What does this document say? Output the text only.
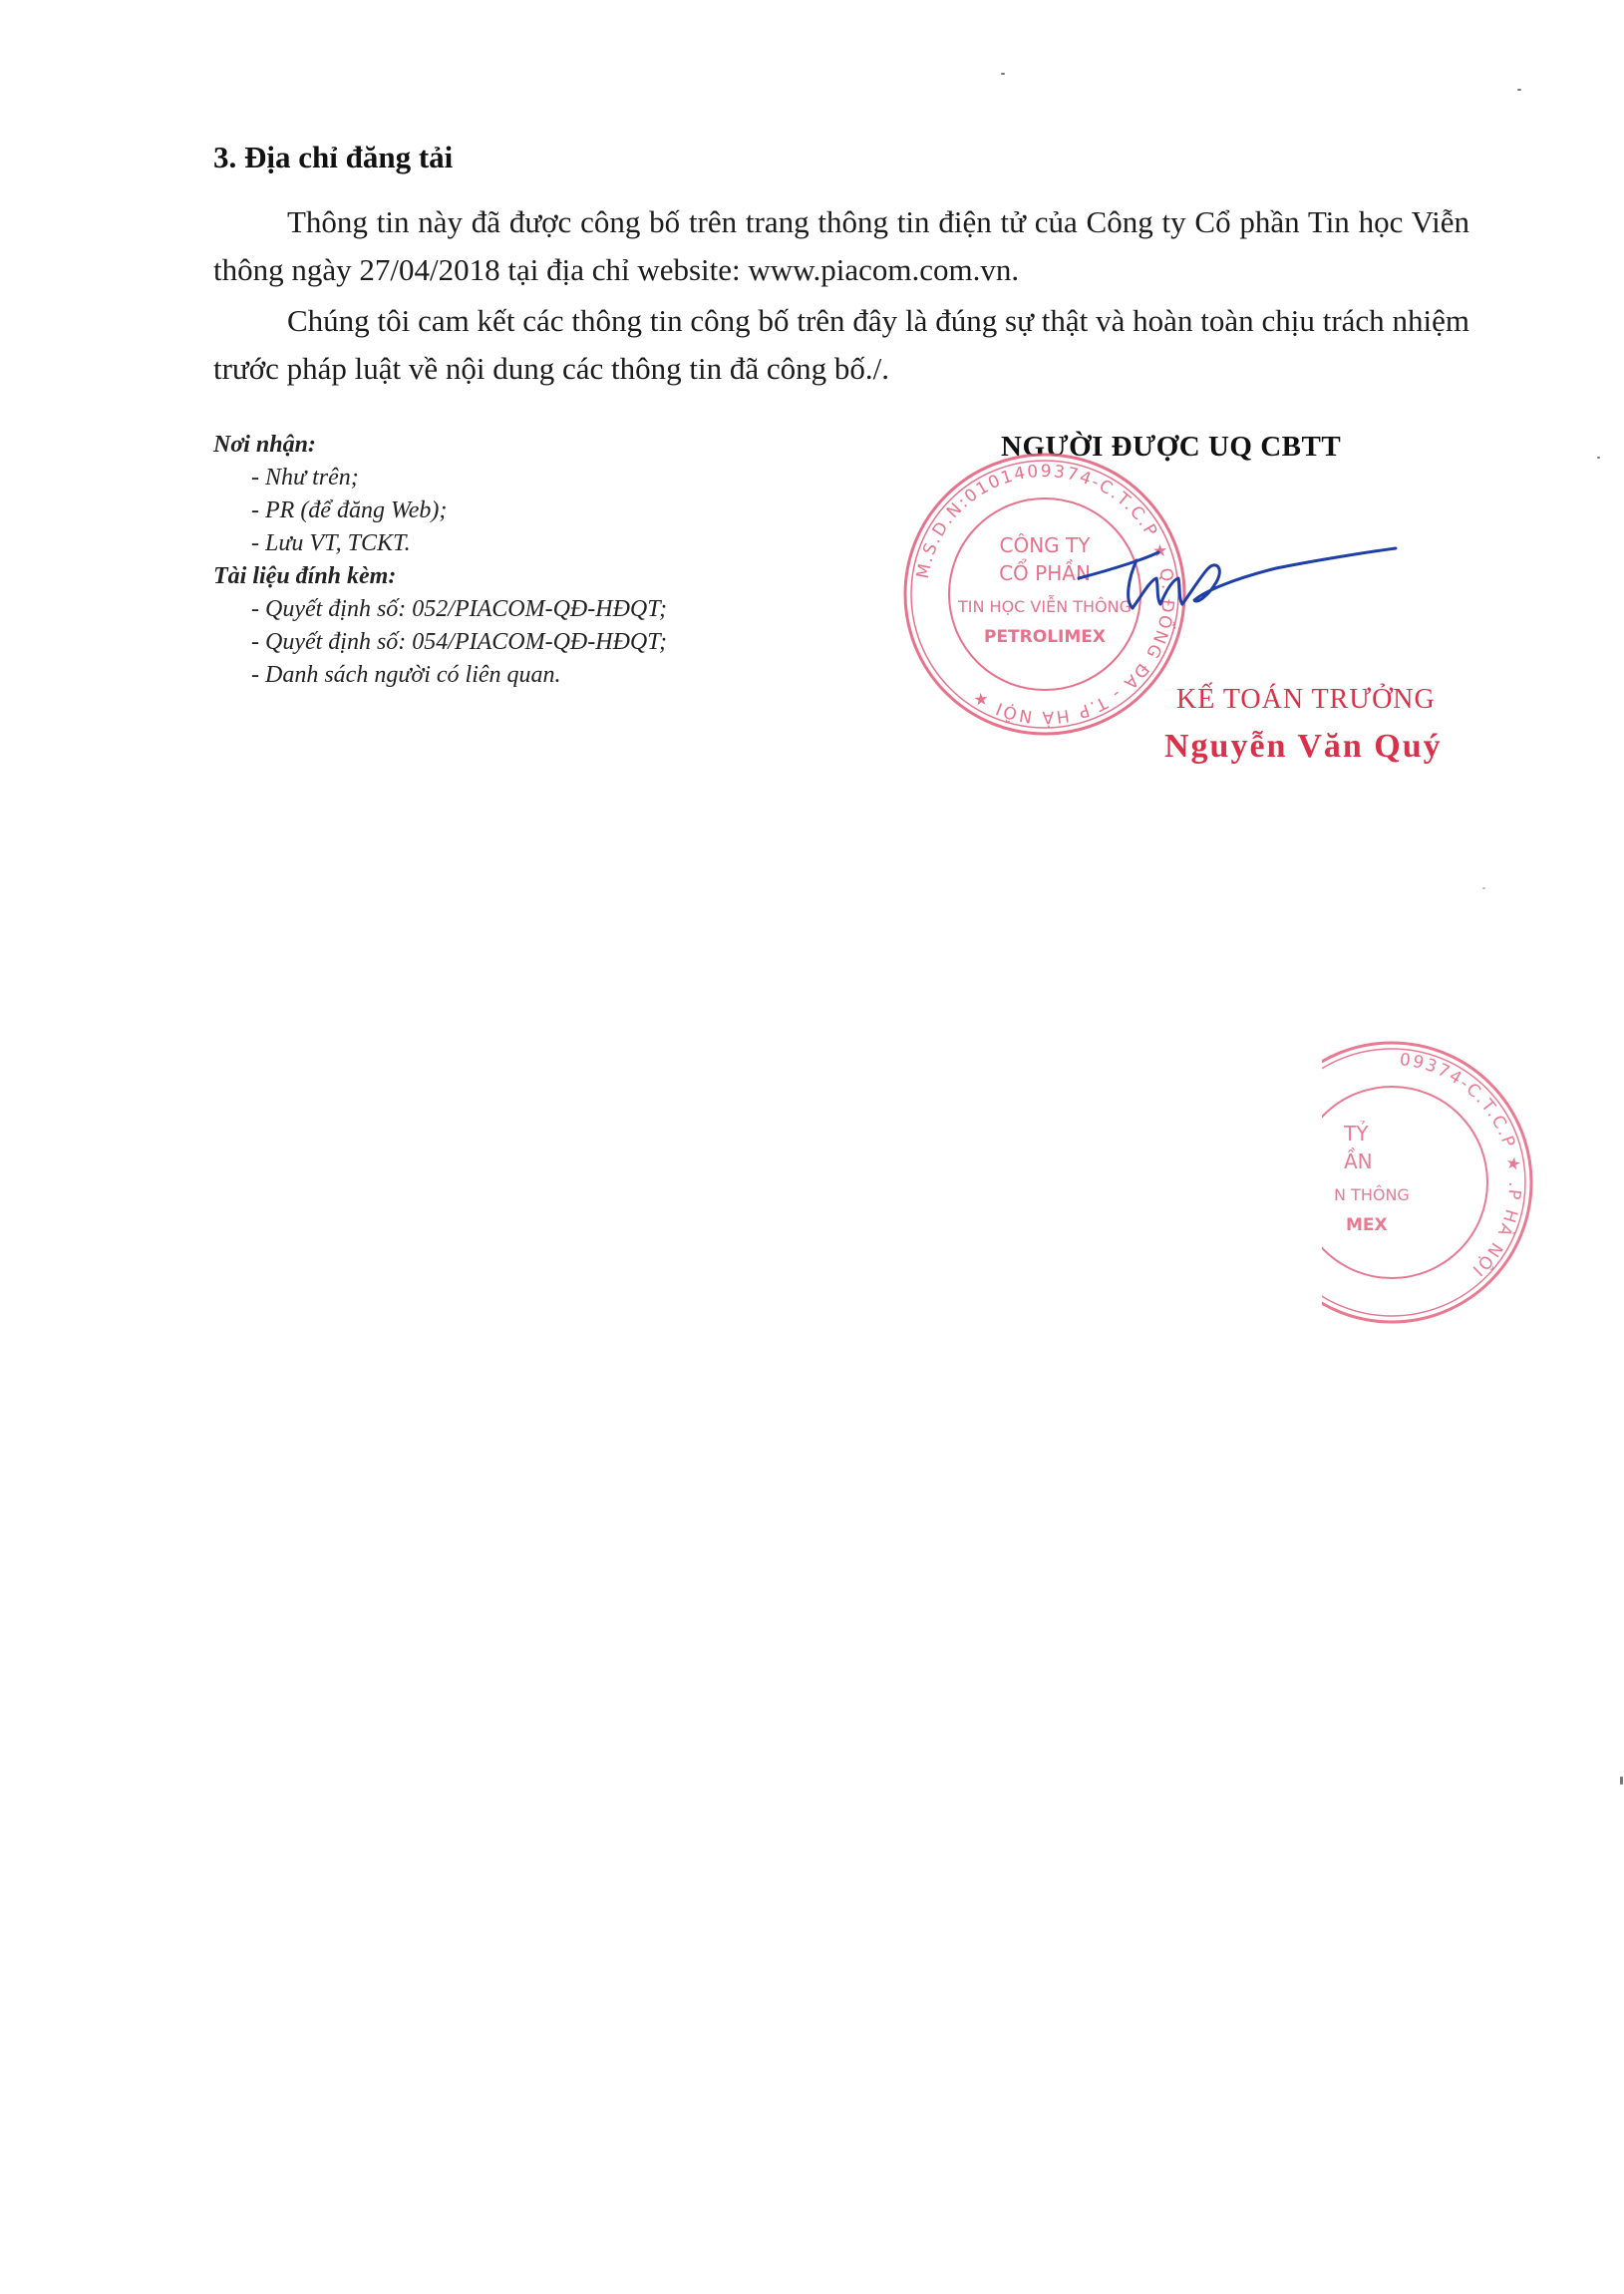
3. Địa chỉ đăng tải
Thông tin này đã được công bố trên trang thông tin điện tử của Công ty Cổ phần Tin học Viễn thông ngày 27/04/2018 tại địa chỉ website: www.piacom.com.vn.
Chúng tôi cam kết các thông tin công bố trên đây là đúng sự thật và hoàn toàn chịu trách nhiệm trước pháp luật về nội dung các thông tin đã công bố./.
Nơi nhận:
- Như trên;
- PR (để đăng Web);
- Lưu VT, TCKT.
Tài liệu đính kèm:
- Quyết định số: 052/PIACOM-QĐ-HĐQT;
- Quyết định số: 054/PIACOM-QĐ-HĐQT;
- Danh sách người có liên quan.
NGƯỜI ĐƯỢC UQ CBTT
M.S.D.N:0101409374-C.T.C.P ★ Q. ĐỐNG ĐA - T.P HÀ NỘI ★
CÔNG TY
CỔ PHẦN
TIN HỌC VIỄN THÔNG
PETROLIMEX
KẾ TOÁN TRƯỞNG
Nguyễn Văn Quý
09374-C.T.C.P ★ .P HÀ NỘI
TỶ
ẦN
N THÔNG
MEX
